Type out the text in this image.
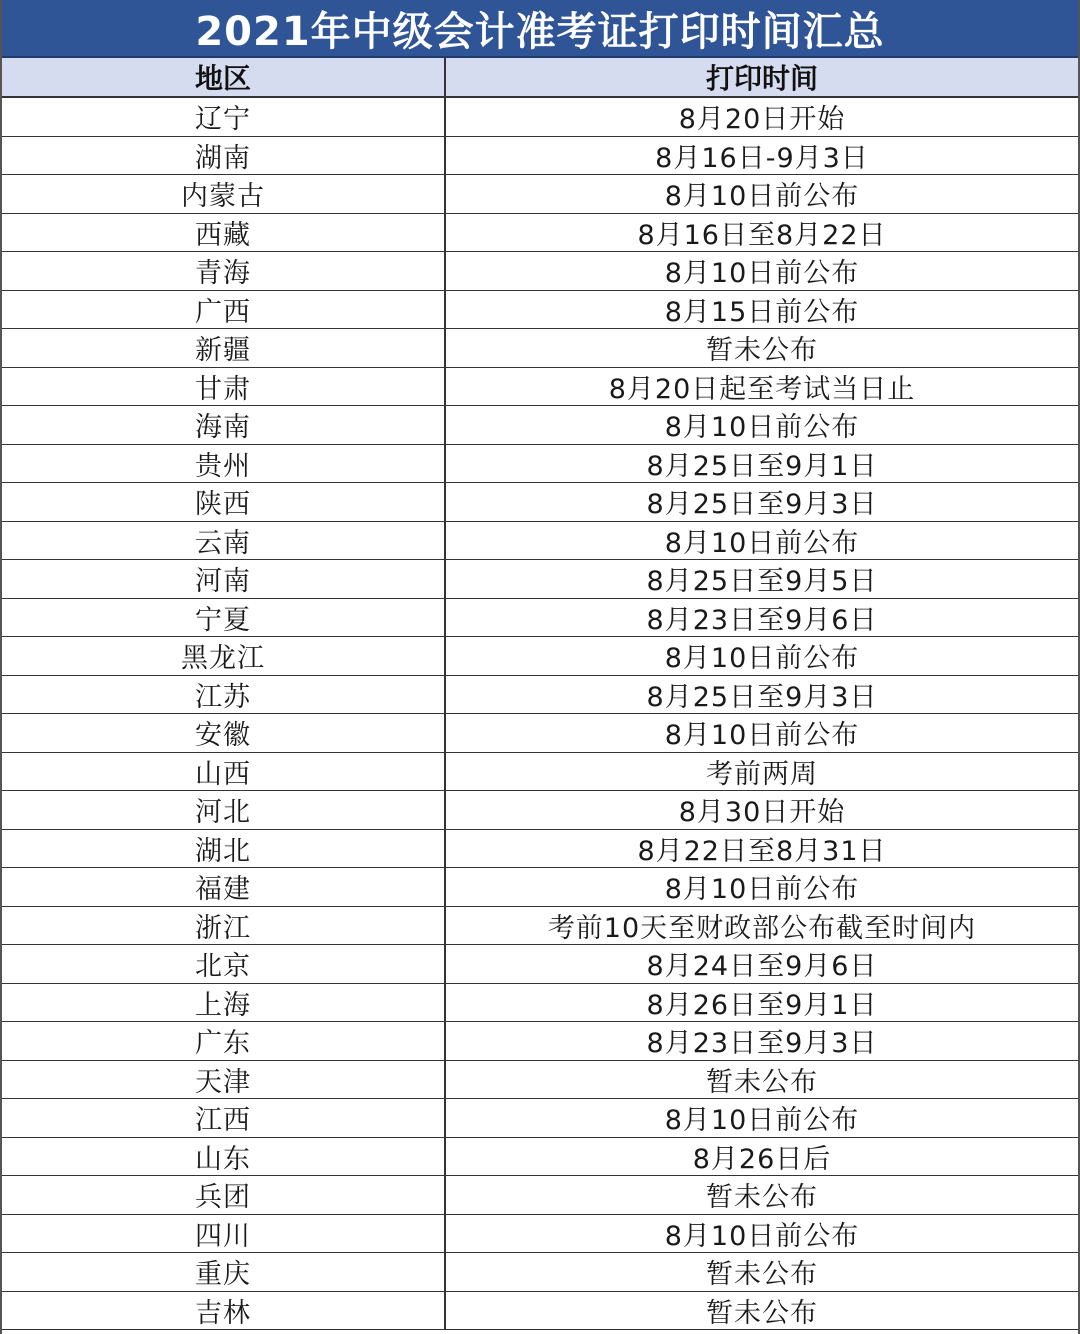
2021年中级会计准考证打印时间汇总
地区	打印时间
辽宁	8月20日开始
湖南	8月16日-9月3日
内蒙古	8月10日前公布
西藏	8月16日至8月22日
青海	8月10日前公布
广西	8月15日前公布
新疆	暂未公布
甘肃	8月20日起至考试当日止
海南	8月10日前公布
贵州	8月25日至9月1日
陕西	8月25日至9月3日
云南	8月10日前公布
河南	8月25日至9月5日
宁夏	8月23日至9月6日
黑龙江	8月10日前公布
江苏	8月25日至9月3日
安徽	8月10日前公布
山西	考前两周
河北	8月30日开始
湖北	8月22日至8月31日
福建	8月10日前公布
浙江	考前10天至财政部公布截至时间内
北京	8月24日至9月6日
上海	8月26日至9月1日
广东	8月23日至9月3日
天津	暂未公布
江西	8月10日前公布
山东	8月26日后
兵团	暂未公布
四川	8月10日前公布
重庆	暂未公布
吉林	暂未公布
